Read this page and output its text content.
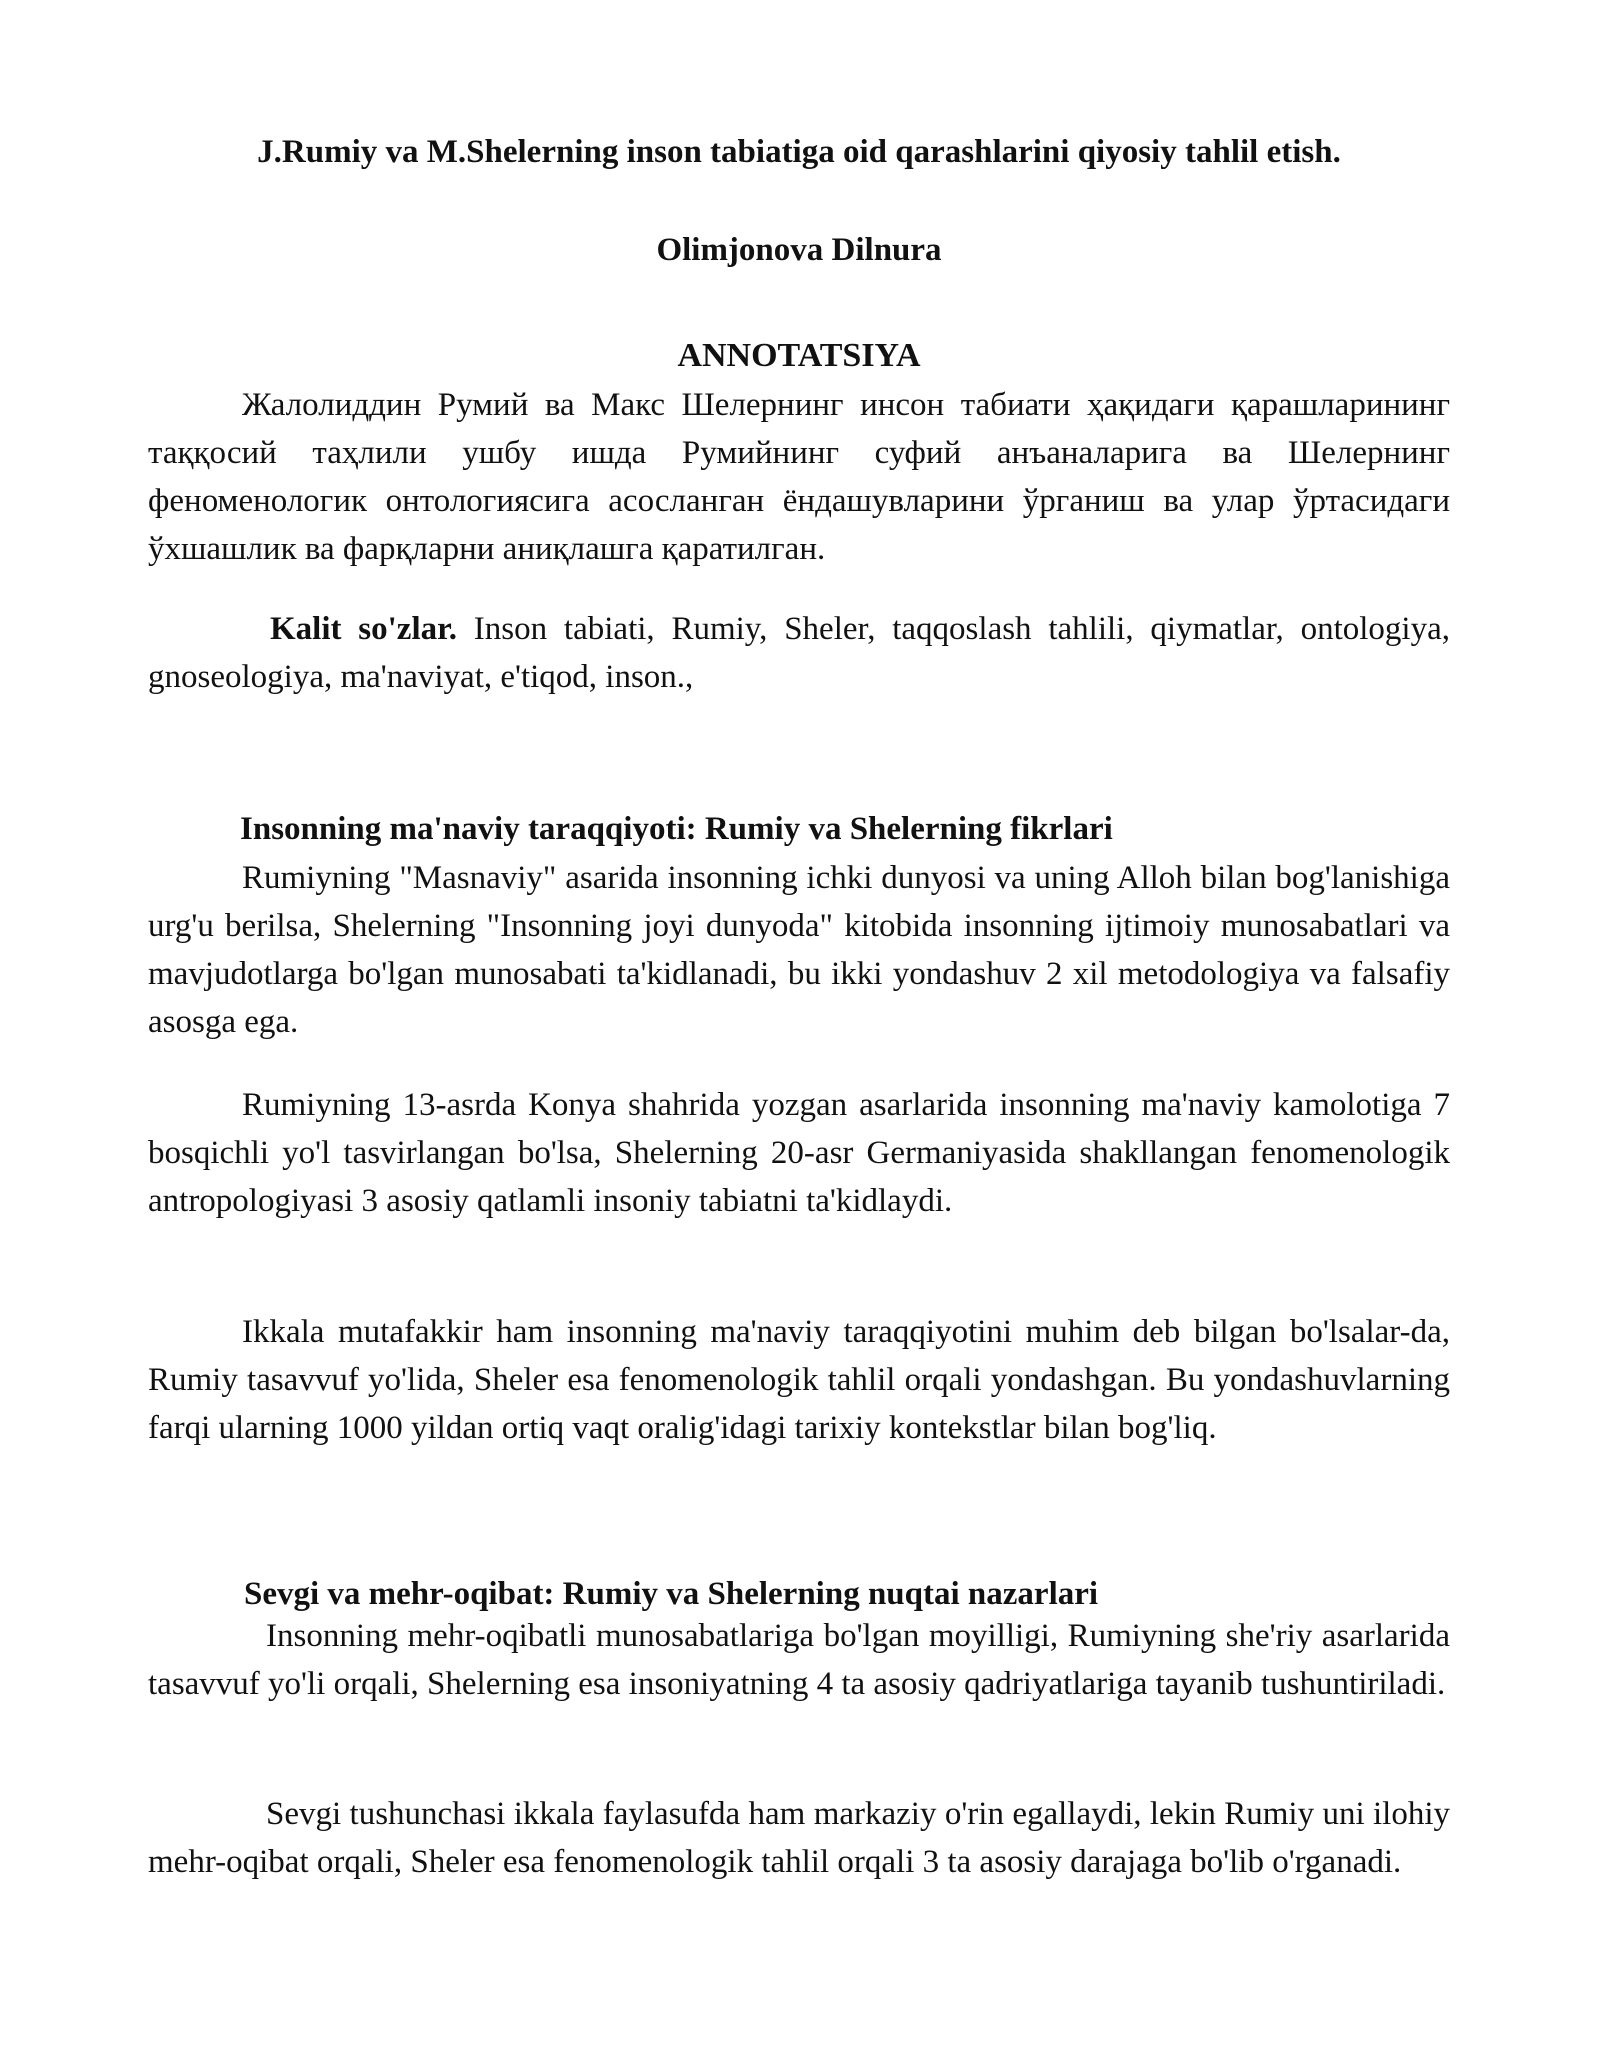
J.Rumiy va M.Shelerning inson tabiatiga oid qarashlarini qiyosiy tahlil etish.

Olimjonova Dilnura

ANNOTATSIYA

Жалолиддин Румий ва Макс Шелернинг инсон табиати ҳақидаги қарашларининг таққосий таҳлили ушбу ишда Румийнинг суфий анъаналарига ва Шелернинг феноменологик онтологиясига асосланган ёндашувларини ўрганиш ва улар ўртасидаги ўхшашлик ва фарқларни аниқлашга қаратилган.

Kalit so'zlar. Inson tabiati, Rumiy, Sheler, taqqoslash tahlili, qiymatlar, ontologiya, gnoseologiya, ma'naviyat, e'tiqod, inson.,

Insonning ma'naviy taraqqiyoti: Rumiy va Shelerning fikrlari

Rumiyning "Masnaviy" asarida insonning ichki dunyosi va uning Alloh bilan bog'lanishiga urg'u berilsa, Shelerning "Insonning joyi dunyoda" kitobida insonning ijtimoiy munosabatlari va mavjudotlarga bo'lgan munosabati ta'kidlanadi, bu ikki yondashuv 2 xil metodologiya va falsafiy asosga ega.

Rumiyning 13-asrda Konya shahrida yozgan asarlarida insonning ma'naviy kamolotiga 7 bosqichli yo'l tasvirlangan bo'lsa, Shelerning 20-asr Germaniyasida shakllangan fenomenologik antropologiyasi 3 asosiy qatlamli insoniy tabiatni ta'kidlaydi.

Ikkala mutafakkir ham insonning ma'naviy taraqqiyotini muhim deb bilgan bo'lsalar-da, Rumiy tasavvuf yo'lida, Sheler esa fenomenologik tahlil orqali yondashgan. Bu yondashuvlarning farqi ularning 1000 yildan ortiq vaqt oralig'idagi tarixiy kontekstlar bilan bog'liq.

Sevgi va mehr-oqibat: Rumiy va Shelerning nuqtai nazarlari

Insonning mehr-oqibatli munosabatlariga bo'lgan moyilligi, Rumiyning she'riy asarlarida tasavvuf yo'li orqali, Shelerning esa insoniyatning 4 ta asosiy qadriyatlariga tayanib tushuntiriladi.

Sevgi tushunchasi ikkala faylasufda ham markaziy o'rin egallaydi, lekin Rumiy uni ilohiy mehr-oqibat orqali, Sheler esa fenomenologik tahlil orqali 3 ta asosiy darajaga bo'lib o'rganadi.
